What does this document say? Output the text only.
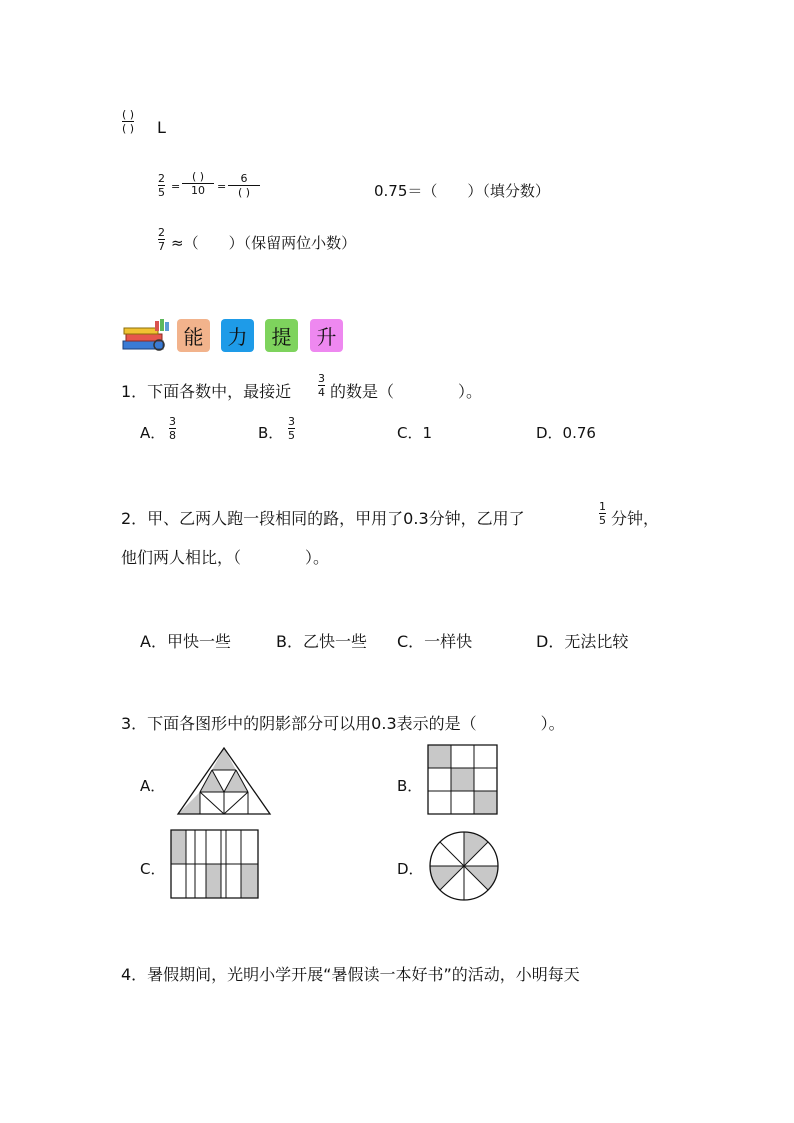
( )
( ) L
2
5 =
( )
10 =
6
( )	0.75＝（　　）（填分数）
2
7 ≈（　　）（保留两位小数）
能	力	提	升
1．下面各数中，最接近
3
4 的数是（　　　　）。
A．
3
8	B．
3
5	C．1	D．0.76
2．甲、乙两人跑一段相同的路，甲用了0.3分钟，乙用了
1
5 分钟，
他们两人相比，（　　　　）。
A．甲快一些	B．乙快一些 C．一样快	D．无法比较
3．下面各图形中的阴影部分可以用0.3表示的是（　　　　）。
A．	B．
C．	D．
4．暑假期间，光明小学开展“暑假读一本好书”的活动，小明每天
